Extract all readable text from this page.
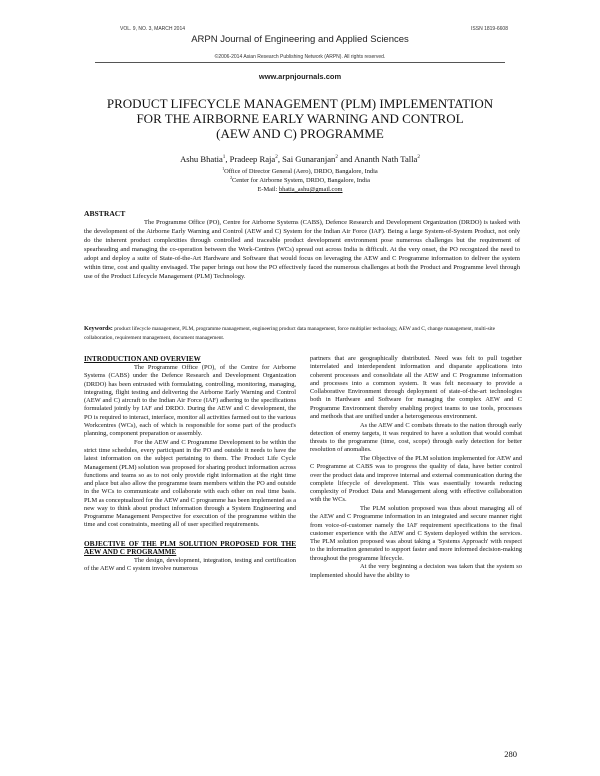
VOL. 9, NO. 3, MARCH 2014	ISSN 1819-6608
ARPN Journal of Engineering and Applied Sciences
©2006-2014 Asian Research Publishing Network (ARPN). All rights reserved.
www.arpnjournals.com
PRODUCT LIFECYCLE MANAGEMENT (PLM) IMPLEMENTATION
FOR THE AIRBORNE EARLY WARNING AND CONTROL
(AEW AND C) PROGRAMME
Ashu Bhatia$^1$, Pradeep Raja$^2$, Sai Gunaranjan$^2$ and Ananth Nath Talla$^2$
$^1$Office of Director General (Aero), DRDO, Bangalore, India
$^2$Center for Airborne System, DRDO, Bangalore, India
E-Mail: bhatia_ashu@gmail.com
ABSTRACT

The Programme Office (PO), Centre for Airborne Systems (CABS), Defence Research and Development Organization (DRDO) is tasked with the development of the Airborne Early Warning and Control (AEW and C) System for the Indian Air Force (IAF). Being a large System-of-System Product, not only do the inherent product complexities through controlled and traceable product development environment pose numerous challenges but the requirement of spearheading and managing the co-operation between the Work-Centres (WCs) spread out across India is difficult. At the very onset, the PO recognized the need to adopt and deploy a suite of State-of-the-Art Hardware and Software that would focus on leveraging the AEW and C Programme information to deliver the system within time, cost and quality envisaged. The paper brings out how the PO effectively faced the numerous challenges at both the Product and Programme level through use of the Product Lifecycle Management (PLM) Technology.

Keywords: product lifecycle management, PLM, programme management, engineering product data management, force multiplier technology, AEW and C, change management, multi-site collaboration, requirement management, document management.

INTRODUCTION AND OVERVIEW

The Programme Office (PO), of the Centre for Airborne Systems (CABS) under the Defence Research and Development Organization (DRDO) has been entrusted with formulating, controlling, monitoring, managing, integrating, flight testing and delivering the Airborne Early Warning and Control (AEW and C) aircraft to the Indian Air Force (IAF) adhering to the specifications formulated jointly by IAF and DRDO. During the AEW and C development, the PO is required to interact, interface, monitor all activities farmed out to the various Workcentres (WCs), each of which is responsible for some part of the product's planning, component preparation or assembly.

For the AEW and C Programme Development to be within the strict time schedules, every participant in the PO and outside it needs to have the latest information on the subject pertaining to them. The Product Life Cycle Management (PLM) solution was proposed for sharing product information across functions and teams so as to not only provide right information at the right time and place but also allow the programme team members within the PO and outside in the WCs to communicate and collaborate with each other on real time basis. PLM as conceptualized for the AEW and C programme has been implemented as a new way to think about product information through a System Engineering and Programme Management Perspective for execution of the programme within the time and cost constraints, meeting all of user specified requirements.

OBJECTIVE OF THE PLM SOLUTION PROPOSED FOR THE AEW AND C PROGRAMME

The design, development, integration, testing and certification of the AEW and C system involve numerous

partners that are geographically distributed. Need was felt to pull together interrelated and interdependent information and disparate applications into coherent processes and consolidate all the AEW and C Programme information and processes into a common system. It was felt necessary to provide a Collaborative Environment through deployment of state-of-the-art technologies both in Hardware and Software for managing the complex AEW and C Programme Environment thereby enabling project teams to use tools, processes and methods that are unified under a heterogeneous environment.

As the AEW and C combats threats to the nation through early detection of enemy targets, it was required to have a solution that would combat threats to the programme (time, cost, scope) through early detection for better resolution of anomalies.

The Objective of the PLM solution implemented for AEW and C Programme at CABS was to progress the quality of data, have better control over the product data and improve internal and external communication during the complete lifecycle of development. This was essentially towards reducing complexity of Product Data and Management along with effective collaboration with the WCs.

The PLM solution proposed was thus about managing all of the AEW and C Programme information in an integrated and secure manner right from voice-of-customer namely the IAF requirement specifications to the final customer experience with the AEW and C System deployed within the services. The PLM solution proposed was about taking a 'Systems Approach' with respect to the information generated to support faster and more informed decision-making throughout the programme lifecycle.

At the very beginning a decision was taken that the system so implemented should have the ability to

280
